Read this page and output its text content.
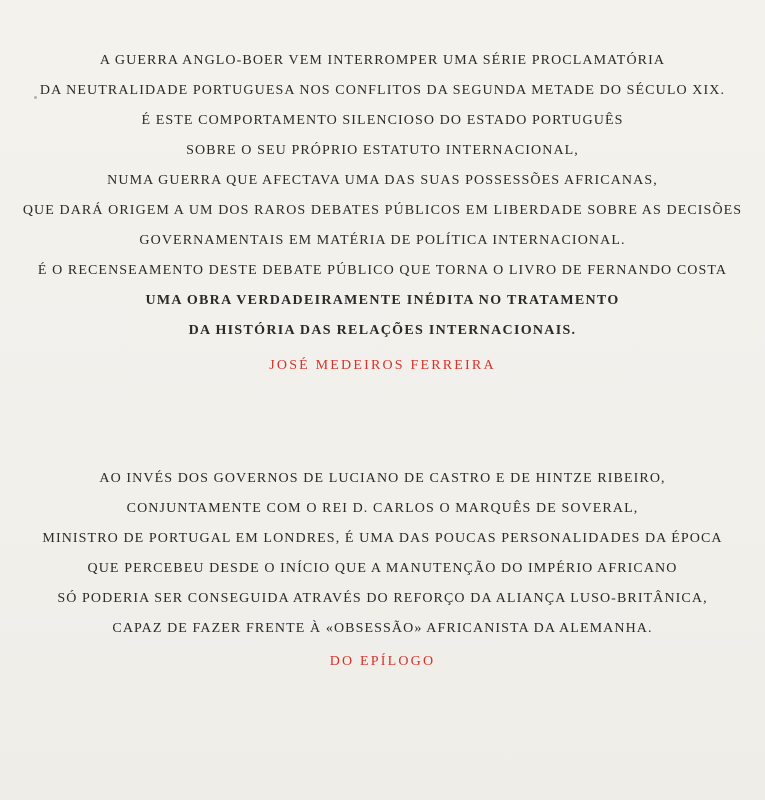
A GUERRA ANGLO-BOER VEM INTERROMPER UMA SÉRIE PROCLAMATÓRIA
DA NEUTRALIDADE PORTUGUESA NOS CONFLITOS DA SEGUNDA METADE DO SÉCULO XIX.
É ESTE COMPORTAMENTO SILENCIOSO DO ESTADO PORTUGUÊS
SOBRE O SEU PRÓPRIO ESTATUTO INTERNACIONAL,
NUMA GUERRA QUE AFECTAVA UMA DAS SUAS POSSESSÕES AFRICANAS,
QUE DARÁ ORIGEM A UM DOS RAROS DEBATES PÚBLICOS EM LIBERDADE SOBRE AS DECISÕES
GOVERNAMENTAIS EM MATÉRIA DE POLÍTICA INTERNACIONAL.
É O RECENSEAMENTO DESTE DEBATE PÚBLICO QUE TORNA O LIVRO DE FERNANDO COSTA
UMA OBRA VERDADEIRAMENTE INÉDITA NO TRATAMENTO
DA HISTÓRIA DAS RELAÇÕES INTERNACIONAIS.
JOSÉ MEDEIROS FERREIRA
AO INVÉS DOS GOVERNOS DE LUCIANO DE CASTRO E DE HINTZE RIBEIRO,
CONJUNTAMENTE COM O REI D. CARLOS O MARQUÊS DE SOVERAL,
MINISTRO DE PORTUGAL EM LONDRES, É UMA DAS POUCAS PERSONALIDADES DA ÉPOCA
QUE PERCEBEU DESDE O INÍCIO QUE A MANUTENÇÃO DO IMPÉRIO AFRICANO
SÓ PODERIA SER CONSEGUIDA ATRAVÉS DO REFORÇO DA ALIANÇA LUSO-BRITÂNICA,
CAPAZ DE FAZER FRENTE À «OBSESSÃO» AFRICANISTA DA ALEMANHA.
DO EPÍLOGO
